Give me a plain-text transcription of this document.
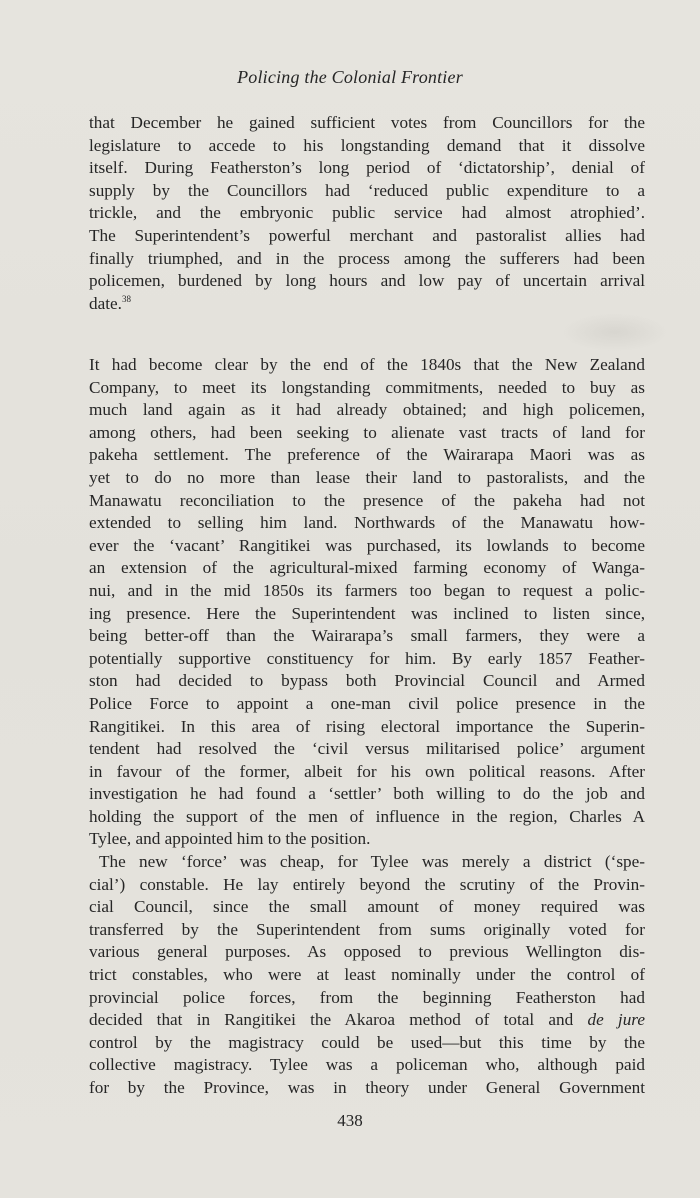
Policing the Colonial Frontier
that December he gained sufficient votes from Councillors for the
legislature to accede to his longstanding demand that it dissolve
itself. During Featherston’s long period of ‘dictatorship’, denial of
supply by the Councillors had ‘reduced public expenditure to a
trickle, and the embryonic public service had almost atrophied’.
The Superintendent’s powerful merchant and pastoralist allies had
finally triumphed, and in the process among the sufferers had been
policemen, burdened by long hours and low pay of uncertain arrival
date.$^{38}$
It had become clear by the end of the 1840s that the New Zealand
Company, to meet its longstanding commitments, needed to buy as
much land again as it had already obtained; and high policemen,
among others, had been seeking to alienate vast tracts of land for
pakeha settlement. The preference of the Wairarapa Maori was as
yet to do no more than lease their land to pastoralists, and the
Manawatu reconciliation to the presence of the pakeha had not
extended to selling him land. Northwards of the Manawatu how-
ever the ‘vacant’ Rangitikei was purchased, its lowlands to become
an extension of the agricultural-mixed farming economy of Wanga-
nui, and in the mid 1850s its farmers too began to request a polic-
ing presence. Here the Superintendent was inclined to listen since,
being better-off than the Wairarapa’s small farmers, they were a
potentially supportive constituency for him. By early 1857 Feather-
ston had decided to bypass both Provincial Council and Armed
Police Force to appoint a one-man civil police presence in the
Rangitikei. In this area of rising electoral importance the Superin-
tendent had resolved the ‘civil versus militarised police’ argument
in favour of the former, albeit for his own political reasons. After
investigation he had found a ‘settler’ both willing to do the job and
holding the support of the men of influence in the region, Charles A
Tylee, and appointed him to the position.
The new ‘force’ was cheap, for Tylee was merely a district (‘spe-
cial’) constable. He lay entirely beyond the scrutiny of the Provin-
cial Council, since the small amount of money required was
transferred by the Superintendent from sums originally voted for
various general purposes. As opposed to previous Wellington dis-
trict constables, who were at least nominally under the control of
provincial police forces, from the beginning Featherston had
decided that in Rangitikei the Akaroa method of total and de jure
control by the magistracy could be used—but this time by the
collective magistracy. Tylee was a policeman who, although paid
for by the Province, was in theory under General Government
438
